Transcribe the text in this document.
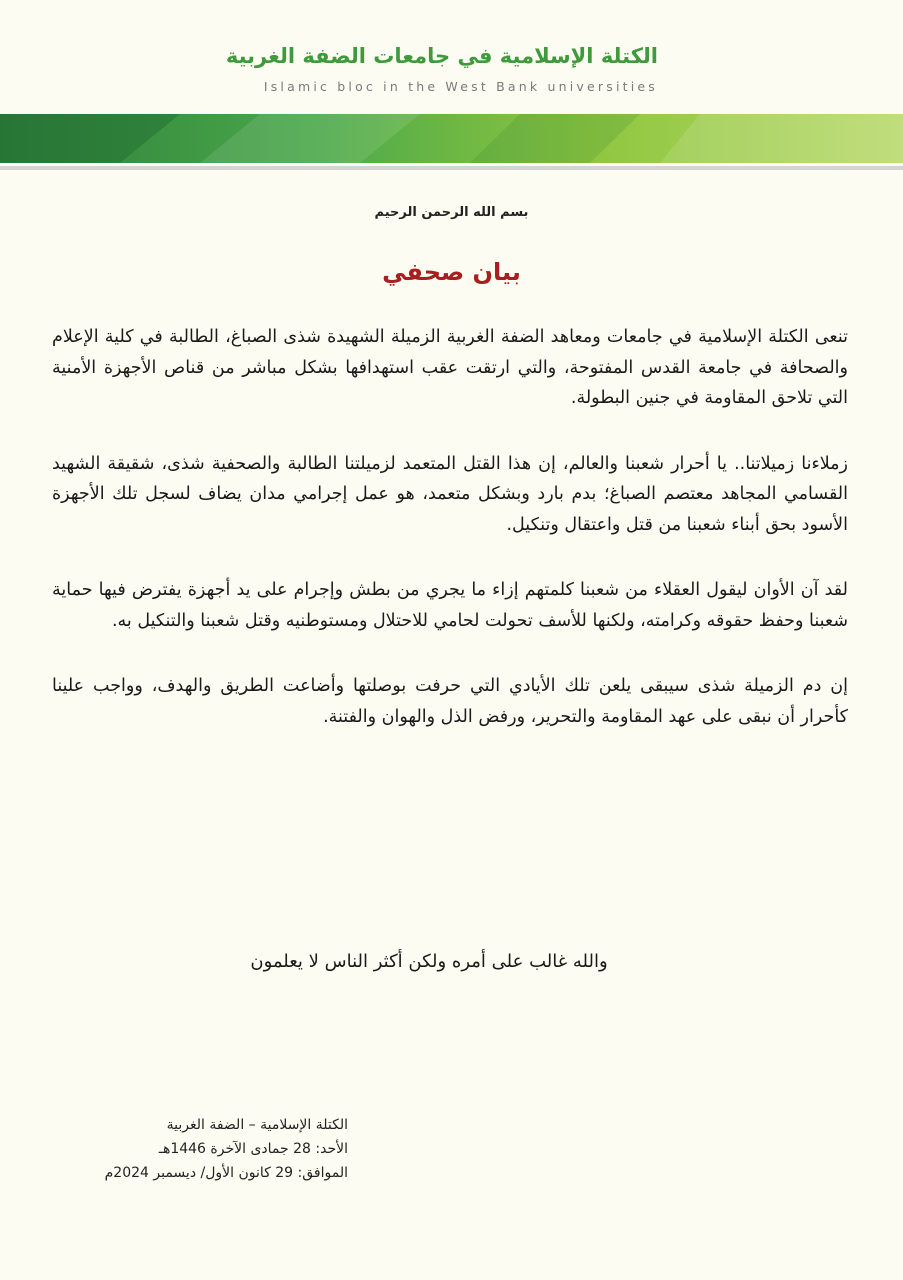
الكتلة الإسلامية في جامعات الضفة الغربية
Islamic bloc in the West Bank universities
بسم الله الرحمن الرحيم
بيان صحفي

تنعى الكتلة الإسلامية في جامعات ومعاهد الضفة الغربية الزميلة الشهيدة شذى الصباغ، الطالبة في كلية الإعلام والصحافة في جامعة القدس المفتوحة، والتي ارتقت عقب استهدافها بشكل مباشر من قناص الأجهزة الأمنية التي تلاحق المقاومة في جنين البطولة.

زملاءنا زميلاتنا.. يا أحرار شعبنا والعالم، إن هذا القتل المتعمد لزميلتنا الطالبة والصحفية شذى، شقيقة الشهيد القسامي المجاهد معتصم الصباغ؛ بدم بارد وبشكل متعمد، هو عمل إجرامي مدان يضاف لسجل تلك الأجهزة الأسود بحق أبناء شعبنا من قتل واعتقال وتنكيل.

لقد آن الأوان ليقول العقلاء من شعبنا كلمتهم إزاء ما يجري من بطش وإجرام على يد أجهزة يفترض فيها حماية شعبنا وحفظ حقوقه وكرامته، ولكنها للأسف تحولت لحامي للاحتلال ومستوطنيه وقتل شعبنا والتنكيل به.

إن دم الزميلة شذى سيبقى يلعن تلك الأيادي التي حرفت بوصلتها وأضاعت الطريق والهدف، وواجب علينا كأحرار أن نبقى على عهد المقاومة والتحرير، ورفض الذل والهوان والفتنة.

والله غالب على أمره ولكن أكثر الناس لا يعلمون
الكتلة الإسلامية – الضفة الغربية
الأحد: 28 جمادى الآخرة 1446هـ
الموافق: 29 كانون الأول/ ديسمبر 2024م
